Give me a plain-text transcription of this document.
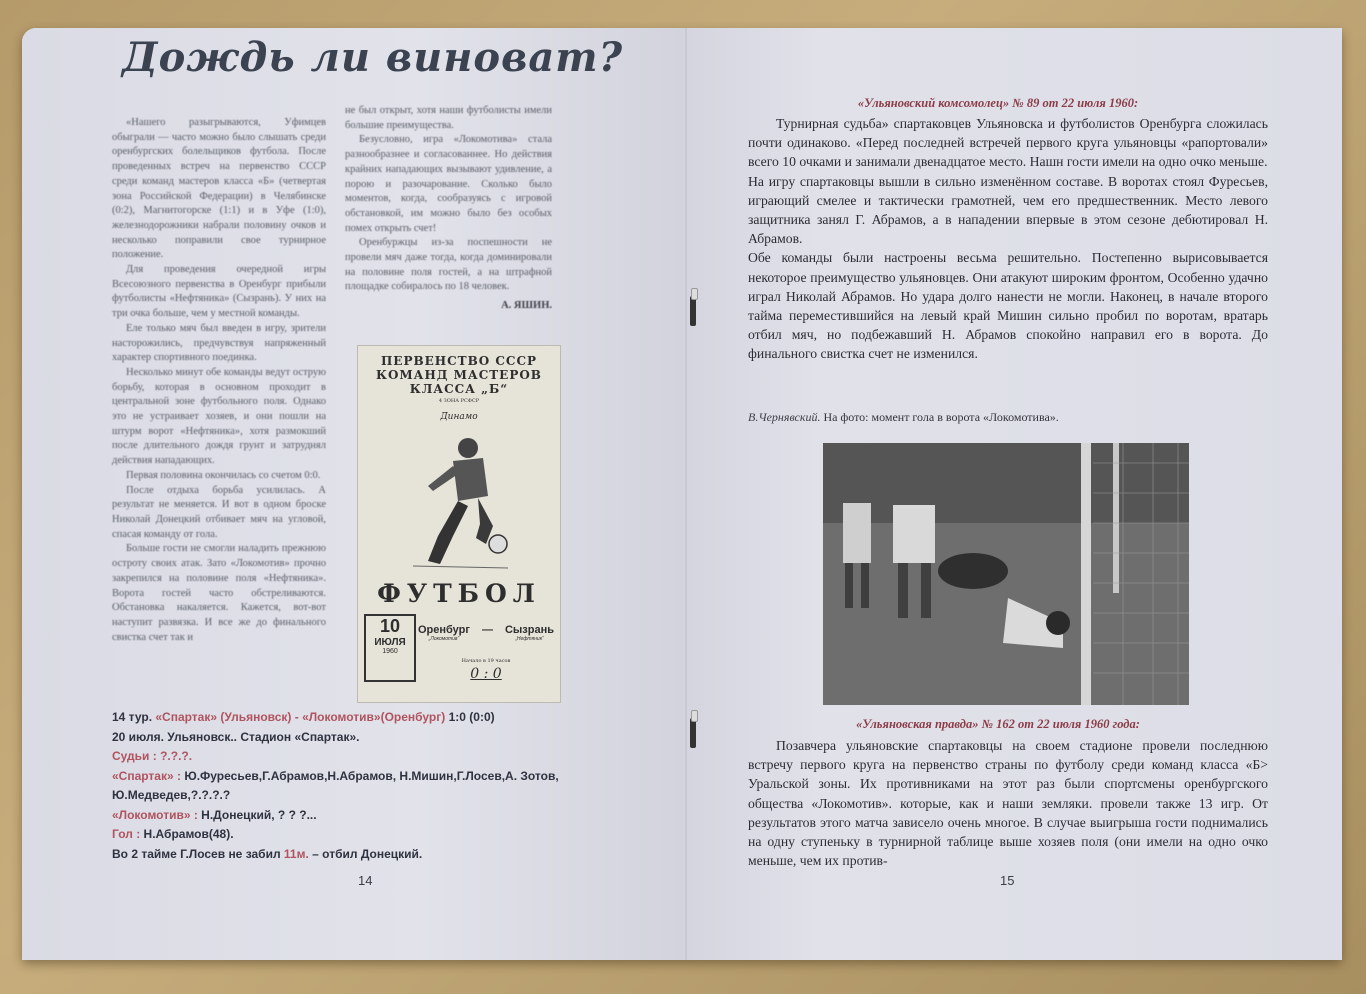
Дождь ли виноват?

«Нашего разыгрываются, Уфимцев обыграли — часто можно было слышать среди оренбургских болельщиков футбола. После проведенных встреч на первенство СССР среди команд мастеров класса «Б» (четвертая зона Российской Федерации) в Челябинске (0:2), Магнитогорске (1:1) и в Уфе (1:0), железнодорожники набрали половину очков и несколько поправили свое турнирное положение.

Для проведения очередной игры Всесоюзного первенства в Оренбург прибыли футболисты «Нефтяника» (Сызрань). У них на три очка больше, чем у местной команды.

Еле только мяч был введен в игру, зрители насторожились, предчувствуя напряженный характер спортивного поединка.

Несколько минут обе команды ведут острую борьбу, которая в основном проходит в центральной зоне футбольного поля. Однако это не устраивает хозяев, и они пошли на штурм ворот «Нефтяника», хотя размокший после длительного дождя грунт и затруднял действия нападающих.

Первая половина окончилась со счетом 0:0.

После отдыха борьба усилилась. А результат не меняется. И вот в одном броске Николай Донецкий отбивает мяч на угловой, спасая команду от гола.

Больше гости не смогли наладить прежнюю остроту своих атак. Зато «Локомотив» прочно закрепился на половине поля «Нефтяника». Ворота гостей часто обстреливаются. Обстановка накаляется. Кажется, вот-вот наступит развязка. И все же до финального свистка счет так и

не был открыт, хотя наши футболисты имели большие преимущества.

Безусловно, игра «Локомотива» стала разнообразнее и согласованнее. Но действия крайних нападающих вызывают удивление, а порою и разочарование. Сколько было моментов, когда, сообразуясь с игровой обстановкой, им можно было без особых помех открыть счет!

Оренбуржцы из-за поспешности не провели мяч даже тогда, когда доминировали на половине поля гостей, а на штрафной площадке собиралось по 18 человек.

А. ЯШИН.
ПЕРВЕНСТВО СССР
КОМАНД МАСТЕРОВ
КЛАССА „Б“
4 ЗОНА РСФСР
Динамо
ФУТБОЛ
10
ИЮЛЯ
1960
Оренбург
„Локомотив“
— Сызрань
„Нефтяник“
Начало в 19 часов
0 : 0
14 тур. «Спартак» (Ульяновск) - «Локомотив»(Оренбург) 1:0 (0:0)
20 июля. Ульяновск.. Стадион «Спартак».
Судьи : ?.?.?.
«Спартак» : Ю.Фуресьев,Г.Абрамов,Н.Абрамов, Н.Мишин,Г.Лосев,А. Зотов, Ю.Медведев,?.?.?.?
«Локомотив» : Н.Донецкий, ? ? ?...
Гол : Н.Абрамов(48).
Во 2 тайме Г.Лосев не забил 11м. – отбил Донецкий.
14
«Ульяновский комсомолец» № 89 от 22 июля 1960:

Турнирная судьба» спартаковцев Ульяновска и футболистов Оренбурга сложилась почти одинаково. «Перед последней встречей первого круга ульяновцы «рапортовали» всего 10 очками и занимали двенадцатое место. Нашн гости имели на одно очко меньше.

На игру спартаковцы вышли в сильно изменённом составе. В воротах стоял Фуресьев, играющий смелее и тактически грамотней, чем его предшественник. Место левого защитника занял Г. Абрамов, а в нападении впервые в этом сезоне дебютировал Н. Абрамов.

Обе команды были настроены весьма решительно. Постепенно вырисовывается некоторое преимущество ульяновцев. Они атакуют широким фронтом, Особенно удачно играл Николай Абрамов. Но удара долго нанести не могли. Наконец, в начале второго тайма переместившийся на левый край Мишин сильно пробил по воротам, вратарь отбил мяч, но подбежавший Н. Абрамов спокойно направил его в ворота. До финального свистка счет не изменился.

В.Чернявский. На фото: момент гола в ворота «Локомотива».
«Ульяновская правда» № 162 от 22 июля 1960 года:

Позавчера ульяновские спартаковцы на своем стадионе провели последнюю встречу первого круга на первенство страны по футболу среди команд класса «Б> Уральской зоны. Их противниками на этот раз были спортсмены оренбургского общества «Локомотив». которые, как и наши земляки. провели также 13 игр. От результатов этого матча зависело очень многое. В случае выигрыша гости поднимались на одну ступеньку в турнирной таблице выше хозяев поля (они имели на одно очко меньше, чем их против-

15
